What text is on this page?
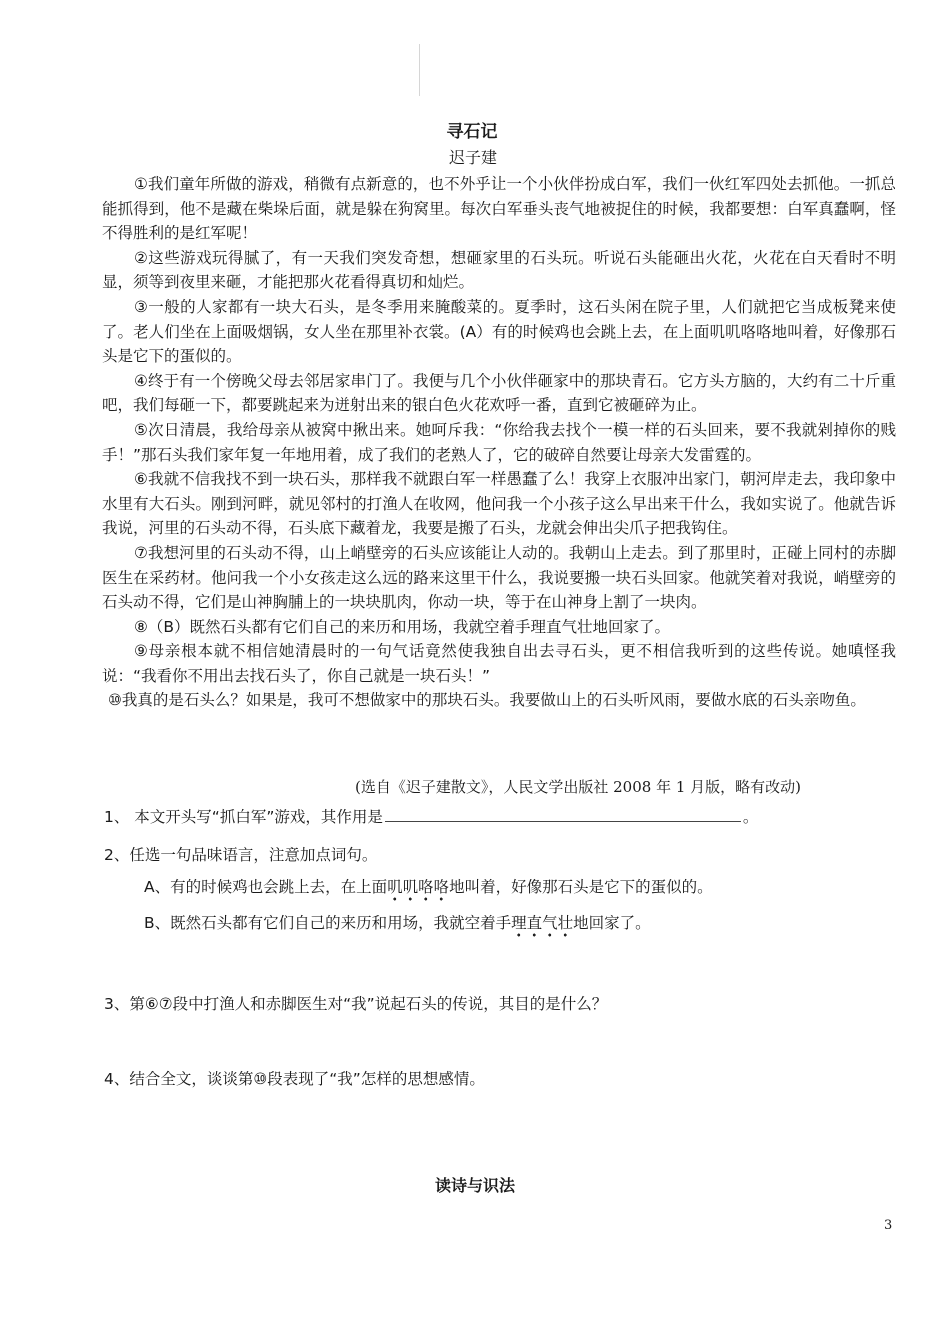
寻石记
迟子建

①我们童年所做的游戏，稍微有点新意的，也不外乎让一个小伙伴扮成白军，我们一伙红军四处去抓他。一抓总能抓得到，他不是藏在柴垛后面，就是躲在狗窝里。每次白军垂头丧气地被捉住的时候，我都要想：白军真蠢啊，怪不得胜利的是红军呢！

②这些游戏玩得腻了，有一天我们突发奇想，想砸家里的石头玩。听说石头能砸出火花，火花在白天看时不明显，须等到夜里来砸，才能把那火花看得真切和灿烂。

③一般的人家都有一块大石头，是冬季用来腌酸菜的。夏季时，这石头闲在院子里，人们就把它当成板凳来使了。老人们坐在上面吸烟锅，女人坐在那里补衣裳。(A）有的时候鸡也会跳上去，在上面叽叽咯咯地叫着，好像那石头是它下的蛋似的。

④终于有一个傍晚父母去邻居家串门了。我便与几个小伙伴砸家中的那块青石。它方头方脑的，大约有二十斤重吧，我们每砸一下，都要跳起来为迸射出来的银白色火花欢呼一番，直到它被砸碎为止。

⑤次日清晨，我给母亲从被窝中揪出来。她呵斥我：“你给我去找个一模一样的石头回来，要不我就剁掉你的贱手！”那石头我们家年复一年地用着，成了我们的老熟人了，它的破碎自然要让母亲大发雷霆的。

⑥我就不信我找不到一块石头，那样我不就跟白军一样愚蠢了么！我穿上衣服冲出家门，朝河岸走去，我印象中水里有大石头。刚到河畔，就见邻村的打渔人在收网，他问我一个小孩子这么早出来干什么，我如实说了。他就告诉我说，河里的石头动不得，石头底下藏着龙，我要是搬了石头，龙就会伸出尖爪子把我钩住。

⑦我想河里的石头动不得，山上峭壁旁的石头应该能让人动的。我朝山上走去。到了那里时，正碰上同村的赤脚医生在采药材。他问我一个小女孩走这么远的路来这里干什么，我说要搬一块石头回家。他就笑着对我说，峭壁旁的石头动不得，它们是山神胸脯上的一块块肌肉，你动一块，等于在山神身上割了一块肉。

⑧（B）既然石头都有它们自己的来历和用场，我就空着手理直气壮地回家了。

⑨母亲根本就不相信她清晨时的一句气话竟然使我独自出去寻石头，更不相信我听到的这些传说。她嗔怪我说：“我看你不用出去找石头了，你自己就是一块石头！”

⑩我真的是石头么？如果是，我可不想做家中的那块石头。我要做山上的石头听风雨，要做水底的石头亲吻鱼。

(选自《迟子建散文》，人民文学出版社 2008 年 1 月版，略有改动)
1、 本文开头写“抓白军”游戏，其作用是	。
2、任选一句品味语言，注意加点词句。
A、有的时候鸡也会跳上去，在上面叽叽咯咯地叫着，好像那石头是它下的蛋似的。
B、既然石头都有它们自己的来历和用场，我就空着手理直气壮地回家了。
3、第⑥⑦段中打渔人和赤脚医生对“我”说起石头的传说，其目的是什么？
4、结合全文，谈谈第⑩段表现了“我”怎样的思想感情。
读诗与识法
3
